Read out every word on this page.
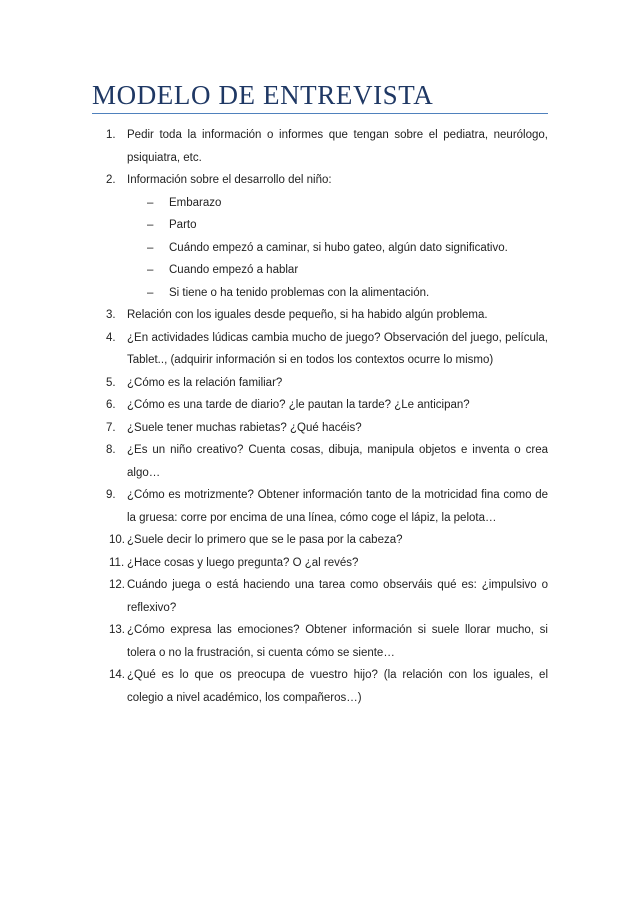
MODELO DE ENTREVISTA
1. Pedir toda la información o informes que tengan sobre el pediatra, neurólogo, psiquiatra, etc.
2. Información sobre el desarrollo del niño:
– Embarazo
– Parto
– Cuándo empezó a caminar, si hubo gateo, algún dato significativo.
– Cuando empezó a hablar
– Si tiene o ha tenido problemas con la alimentación.
3. Relación con los iguales desde pequeño, si ha habido algún problema.
4. ¿En actividades lúdicas cambia mucho de juego? Observación del juego, película, Tablet.., (adquirir información si en todos los contextos ocurre lo mismo)
5. ¿Cómo es la relación familiar?
6. ¿Cómo es una tarde de diario? ¿le pautan la tarde? ¿Le anticipan?
7. ¿Suele tener muchas rabietas? ¿Qué hacéis?
8. ¿Es un niño creativo? Cuenta cosas, dibuja, manipula objetos e inventa o crea algo…
9. ¿Cómo es motrizmente? Obtener información tanto de la motricidad fina como de la gruesa: corre por encima de una línea, cómo coge el lápiz, la pelota…
10. ¿Suele decir lo primero que se le pasa por la cabeza?
11. ¿Hace cosas y luego pregunta? O ¿al revés?
12. Cuándo juega o está haciendo una tarea como observáis qué es: ¿impulsivo o reflexivo?
13. ¿Cómo expresa las emociones? Obtener información si suele llorar mucho, si tolera o no la frustración, si cuenta cómo se siente…
14. ¿Qué es lo que os preocupa de vuestro hijo? (la relación con los iguales, el colegio a nivel académico, los compañeros…)
